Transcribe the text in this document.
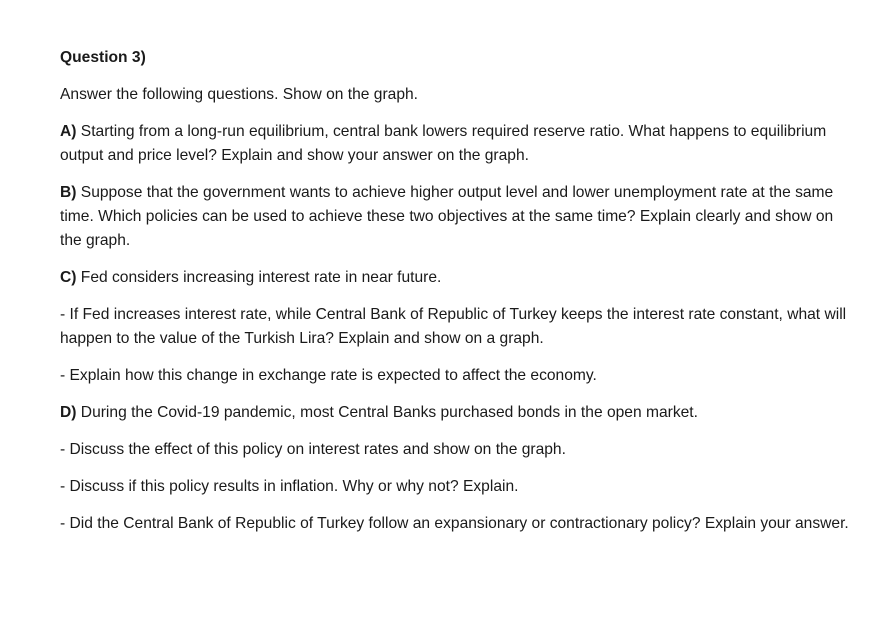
Question 3)
Answer the following questions. Show on the graph.
A) Starting from a long-run equilibrium, central bank lowers required reserve ratio. What happens to equilibrium output and price level? Explain and show your answer on the graph.
B) Suppose that the government wants to achieve higher output level and lower unemployment rate at the same time. Which policies can be used to achieve these two objectives at the same time? Explain clearly and show on the graph.
C) Fed considers increasing interest rate in near future.
- If Fed increases interest rate, while Central Bank of Republic of Turkey keeps the interest rate constant, what will happen to the value of the Turkish Lira? Explain and show on a graph.
- Explain how this change in exchange rate is expected to affect the economy.
D) During the Covid-19 pandemic, most Central Banks purchased bonds in the open market.
- Discuss the effect of this policy on interest rates and show on the graph.
- Discuss if this policy results in inflation. Why or why not? Explain.
- Did the Central Bank of Republic of Turkey follow an expansionary or contractionary policy? Explain your answer.
